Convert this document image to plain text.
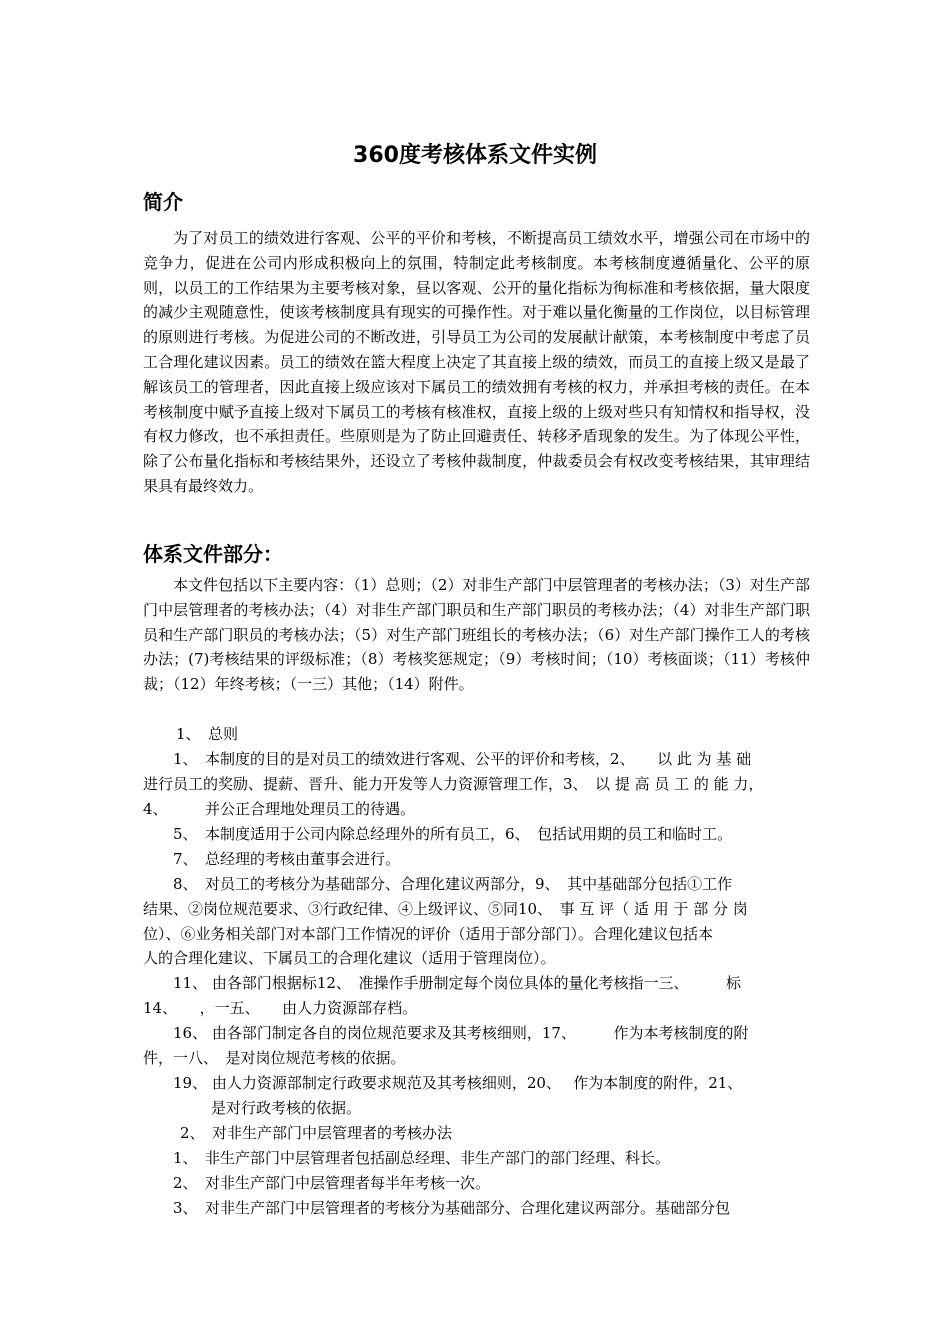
360度考核体系文件实例
简介

为了对员工的绩效进行客观、公平的平价和考核，不断提高员工绩效水平，增强公司在市场中的竞争力，促进在公司内形成积极向上的氛围，特制定此考核制度。本考核制度遵循量化、公平的原则，以员工的工作结果为主要考核对象，昼以客观、公开的量化指标为徇标准和考核依据，量大限度的减少主观随意性，使该考核制度具有现实的可操作性。对于难以量化衡量的工作岗位，以目标管理的原则进行考核。为促进公司的不断改进，引导员工为公司的发展献计献策，本考核制度中考虑了员工合理化建议因素。员工的绩效在篮大程度上决定了其直接上级的绩效，而员工的直接上级又是最了解该员工的管理者，因此直接上级应该对下属员工的绩效拥有考核的权力，并承担考核的责任。在本考核制度中赋予直接上级对下属员工的考核有核准权，直接上级的上级对些只有知情权和指导权，没有权力修改，也不承担责任。些原则是为了防止回避责任、转移矛盾现象的发生。为了体现公平性，除了公布量化指标和考核结果外，还设立了考核仲裁制度，仲裁委员会有权改变考核结果，其审理结果具有最终效力。

体系文件部分：

本文件包括以下主要内容：（1）总则；（2）对非生产部门中层管理者的考核办法；（3）对生产部门中层管理者的考核办法；（4）对非生产部门职员和生产部门职员的考核办法；（4）对非生产部门职员和生产部门职员的考核办法；（5）对生产部门班组长的考核办法；（6）对生产部门操作工人的考核办法；(7)考核结果的评级标准；（8）考核奖惩规定；（9）考核时间；（10）考核面谈；（11）考核仲裁；（12）年终考核；（一三）其他；（14）附件。

1、　总则

1、　本制度的目的是对员工的绩效进行客观、公平的评价和考核，2、　　以 此 为 基 础

进行员工的奖励、提薪、晋升、能力开发等人力资源管理工作，3、　以 提 高 员 工 的 能 力，

4、　　　并公正合理地处理员工的待遇。

5、　本制度适用于公司内除总经理外的所有员工，6、　包括试用期的员工和临时工。

7、　总经理的考核由董事会进行。

8、　对员工的考核分为基础部分、合理化建议两部分，9、　其中基础部分包括①工作

结果、②岗位规范要求、③行政纪律、④上级评议、⑤同10、　事 互 评（ 适 用 于 部 分 岗

位）、⑥业务相关部门对本部门工作情况的评价（适用于部分部门）。合理化建议包括本

人的合理化建议、下属员工的合理化建议（适用于管理岗位）。

11、 由各部门根据标12、　准操作手册制定每个岗位具体的量化考核指一三、　　　标

14、　　，一五、　　由人力资源部存档。

16、 由各部门制定各自的岗位规范要求及其考核细则，17、　　　作为本考核制度的附

件，一八、　是对岗位规范考核的依据。

19、 由人力资源部制定行政要求规范及其考核细则，20、　 作为本制度的附件，21、

是对行政考核的依据。

2、　对非生产部门中层管理者的考核办法

1、　非生产部门中层管理者包括副总经理、非生产部门的部门经理、科长。

2、　对非生产部门中层管理者每半年考核一次。

3、　对非生产部门中层管理者的考核分为基础部分、合理化建议两部分。基础部分包
